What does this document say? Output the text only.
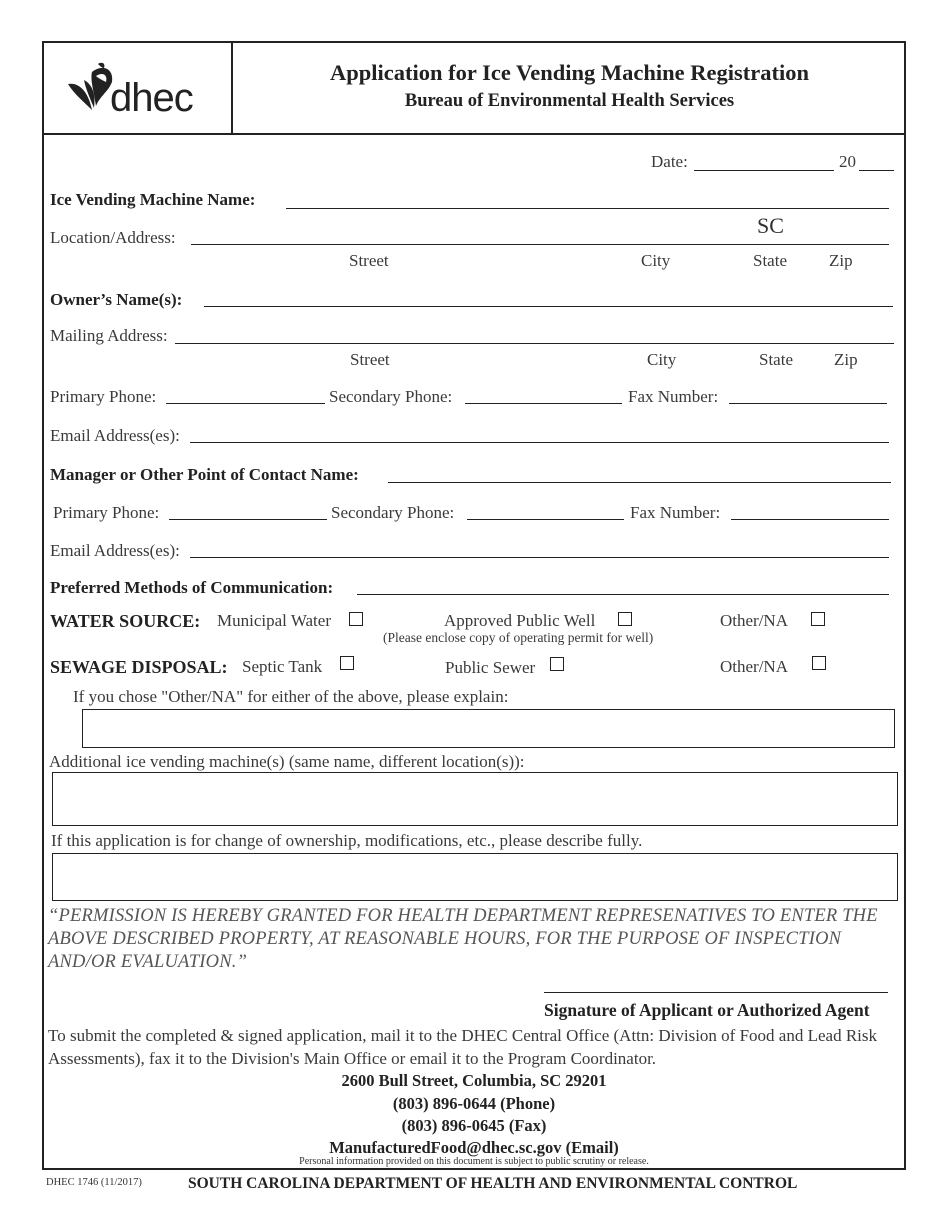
dhec
Application for Ice Vending Machine Registration
Bureau of Environmental Health Services
Date:	20
Ice Vending Machine Name:
Location/Address:	SC
Street	City	State Zip
Owner’s Name(s):
Mailing Address:
Street	City	State Zip
Primary Phone:	Secondary Phone:	Fax Number:
Email Address(es):
Manager or Other Point of Contact Name:
Primary Phone:	Secondary Phone:	Fax Number:
Email Address(es):
Preferred Methods of Communication:
WATER SOURCE: Municipal Water	Approved Public Well
(Please enclose copy of operating permit for well)
Other/NA
SEWAGE DISPOSAL: Septic Tank	Public Sewer	Other/NA
If you chose "Other/NA" for either of the above, please explain:
Additional ice vending machine(s) (same name, different location(s)):
If this application is for change of ownership, modifications, etc., please describe fully.
“PERMISSION IS HEREBY GRANTED FOR HEALTH DEPARTMENT REPRESENATIVES TO ENTER THE ABOVE DESCRIBED PROPERTY, AT REASONABLE HOURS, FOR THE PURPOSE OF INSPECTION AND/OR EVALUATION.”
Signature of Applicant or Authorized Agent
To submit the completed & signed application, mail it to the DHEC Central Office (Attn: Division of Food and Lead Risk Assessments), fax it to the Division's Main Office or email it to the Program Coordinator.
2600 Bull Street, Columbia, SC 29201
(803) 896-0644 (Phone)
(803) 896-0645 (Fax)
ManufacturedFood@dhec.sc.gov (Email)
Personal information provided on this document is subject to public scrutiny or release.
DHEC 1746 (11/2017)	SOUTH CAROLINA DEPARTMENT OF HEALTH AND ENVIRONMENTAL CONTROL
